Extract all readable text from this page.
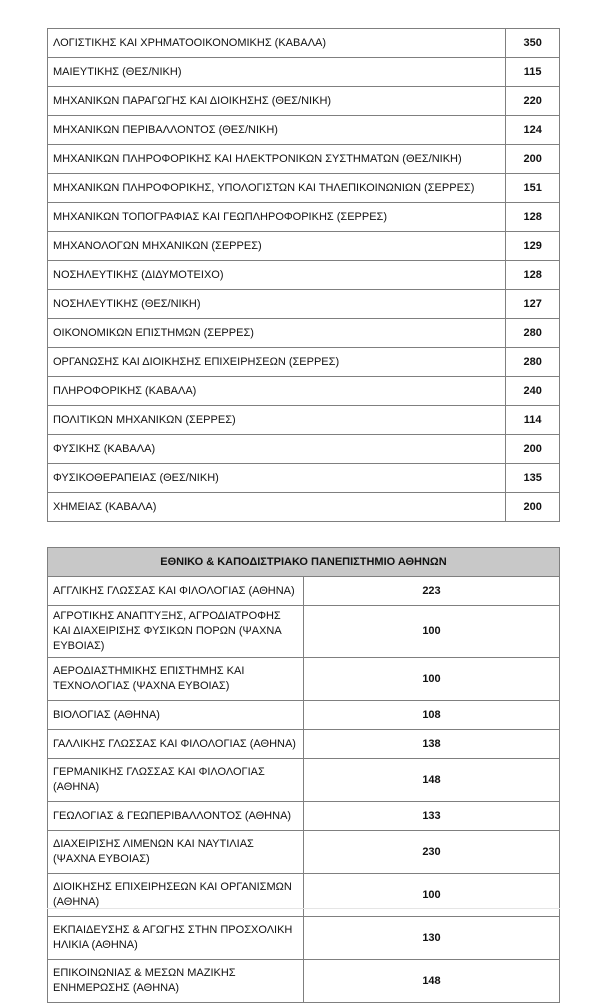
ΛΟΓΙΣΤΙΚΗΣ ΚΑΙ ΧΡΗΜΑΤΟΟΙΚΟΝΟΜΙΚΗΣ (ΚΑΒΑΛΑ)	350
ΜΑΙΕΥΤΙΚΗΣ (ΘΕΣ/ΝΙΚΗ)	115
ΜΗΧΑΝΙΚΩΝ ΠΑΡΑΓΩΓΗΣ ΚΑΙ ΔΙΟΙΚΗΣΗΣ (ΘΕΣ/ΝΙΚΗ)	220
ΜΗΧΑΝΙΚΩΝ ΠΕΡΙΒΑΛΛΟΝΤΟΣ (ΘΕΣ/ΝΙΚΗ)	124
ΜΗΧΑΝΙΚΩΝ ΠΛΗΡΟΦΟΡΙΚΗΣ ΚΑΙ ΗΛΕΚΤΡΟΝΙΚΩΝ ΣΥΣΤΗΜΑΤΩΝ (ΘΕΣ/ΝΙΚΗ)	200
ΜΗΧΑΝΙΚΩΝ ΠΛΗΡΟΦΟΡΙΚΗΣ, ΥΠΟΛΟΓΙΣΤΩΝ ΚΑΙ ΤΗΛΕΠΙΚΟΙΝΩΝΙΩΝ (ΣΕΡΡΕΣ)	151
ΜΗΧΑΝΙΚΩΝ ΤΟΠΟΓΡΑΦΙΑΣ ΚΑΙ ΓΕΩΠΛΗΡΟΦΟΡΙΚΗΣ (ΣΕΡΡΕΣ)	128
ΜΗΧΑΝΟΛΟΓΩΝ ΜΗΧΑΝΙΚΩΝ (ΣΕΡΡΕΣ)	129
ΝΟΣΗΛΕΥΤΙΚΗΣ (ΔΙΔΥΜΟΤΕΙΧΟ)	128
ΝΟΣΗΛΕΥΤΙΚΗΣ (ΘΕΣ/ΝΙΚΗ)	127
ΟΙΚΟΝΟΜΙΚΩΝ ΕΠΙΣΤΗΜΩΝ (ΣΕΡΡΕΣ)	280
ΟΡΓΑΝΩΣΗΣ ΚΑΙ ΔΙΟΙΚΗΣΗΣ ΕΠΙΧΕΙΡΗΣΕΩΝ (ΣΕΡΡΕΣ)	280
ΠΛΗΡΟΦΟΡΙΚΗΣ (ΚΑΒΑΛΑ)	240
ΠΟΛΙΤΙΚΩΝ ΜΗΧΑΝΙΚΩΝ (ΣΕΡΡΕΣ)	114
ΦΥΣΙΚΗΣ (ΚΑΒΑΛΑ)	200
ΦΥΣΙΚΟΘΕΡΑΠΕΙΑΣ (ΘΕΣ/ΝΙΚΗ)	135
ΧΗΜΕΙΑΣ (ΚΑΒΑΛΑ)	200
ΕΘΝΙΚΟ & ΚΑΠΟΔΙΣΤΡΙΑΚΟ ΠΑΝΕΠΙΣΤΗΜΙΟ ΑΘΗΝΩΝ	
ΑΓΓΛΙΚΗΣ ΓΛΩΣΣΑΣ ΚΑΙ ΦΙΛΟΛΟΓΙΑΣ (ΑΘΗΝΑ)	223
ΑΓΡΟΤΙΚΗΣ ΑΝΑΠΤΥΞΗΣ, ΑΓΡΟΔΙΑΤΡΟΦΗΣ ΚΑΙ ΔΙΑΧΕΙΡΙΣΗΣ ΦΥΣΙΚΩΝ ΠΟΡΩΝ (ΨΑΧΝΑ ΕΥΒΟΙΑΣ)	100
ΑΕΡΟΔΙΑΣΤΗΜΙΚΗΣ ΕΠΙΣΤΗΜΗΣ ΚΑΙ ΤΕΧΝΟΛΟΓΙΑΣ (ΨΑΧΝΑ ΕΥΒΟΙΑΣ)	100
ΒΙΟΛΟΓΙΑΣ (ΑΘΗΝΑ)	108
ΓΑΛΛΙΚΗΣ ΓΛΩΣΣΑΣ ΚΑΙ ΦΙΛΟΛΟΓΙΑΣ (ΑΘΗΝΑ)	138
ΓΕΡΜΑΝΙΚΗΣ ΓΛΩΣΣΑΣ ΚΑΙ ΦΙΛΟΛΟΓΙΑΣ (ΑΘΗΝΑ)	148
ΓΕΩΛΟΓΙΑΣ & ΓΕΩΠΕΡΙΒΑΛΛΟΝΤΟΣ (ΑΘΗΝΑ)	133
ΔΙΑΧΕΙΡΙΣΗΣ ΛΙΜΕΝΩΝ ΚΑΙ ΝΑΥΤΙΛΙΑΣ (ΨΑΧΝΑ ΕΥΒΟΙΑΣ)	230
ΔΙΟΙΚΗΣΗΣ ΕΠΙΧΕΙΡΗΣΕΩΝ ΚΑΙ ΟΡΓΑΝΙΣΜΩΝ (ΑΘΗΝΑ)	100
ΕΚΠΑΙΔΕΥΣΗΣ & ΑΓΩΓΗΣ ΣΤΗΝ ΠΡΟΣΧΟΛΙΚΗ ΗΛΙΚΙΑ (ΑΘΗΝΑ)	130
ΕΠΙΚΟΙΝΩΝΙΑΣ & ΜΕΣΩΝ ΜΑΖΙΚΗΣ ΕΝΗΜΕΡΩΣΗΣ (ΑΘΗΝΑ)	148
